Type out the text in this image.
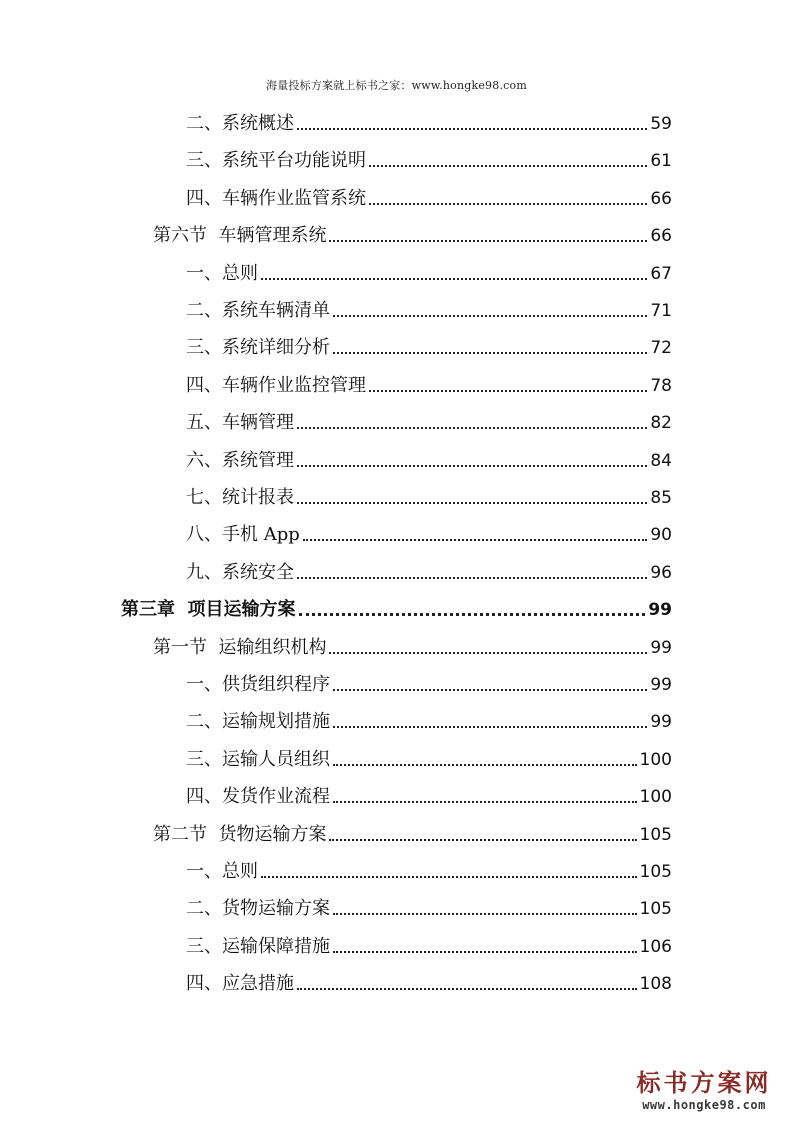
海量投标方案就上标书之家：www.hongke98.com
二、系统概述	59
三、系统平台功能说明	61
四、车辆作业监管系统	66
第六节  车辆管理系统	66
一、总则	67
二、系统车辆清单	71
三、系统详细分析	72
四、车辆作业监控管理	78
五、车辆管理	82
六、系统管理	84
七、统计报表	85
八、手机 App	90
九、系统安全	96
第三章  项目运输方案	99
第一节  运输组织机构	99
一、供货组织程序	99
二、运输规划措施	99
三、运输人员组织	100
四、发货作业流程	100
第二节  货物运输方案	105
一、总则	105
二、货物运输方案	105
三、运输保障措施	106
四、应急措施	108
标书方案网
www.hongke98.com
